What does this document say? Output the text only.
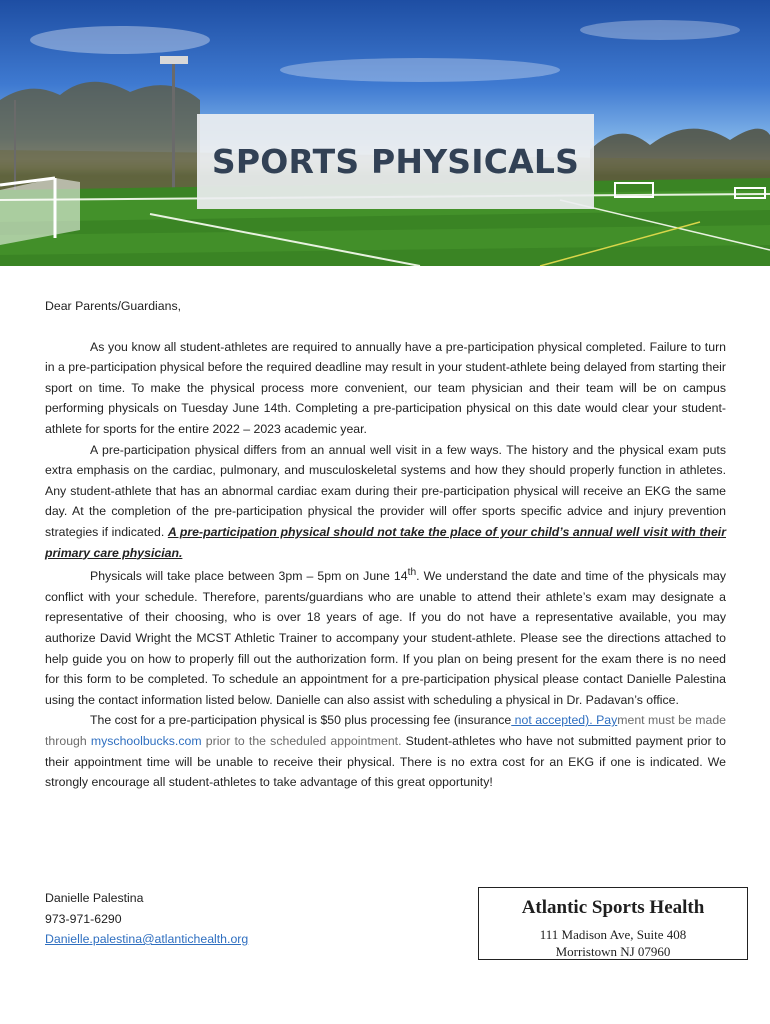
SPORTS PHYSICALS

Dear Parents/Guardians,

As you know all student-athletes are required to annually have a pre-participation physical completed. Failure to turn in a pre-participation physical before the required deadline may result in your student-athlete being delayed from starting their sport on time. To make the physical process more convenient, our team physician and their team will be on campus performing physicals on Tuesday June 14th. Completing a pre-participation physical on this date would clear your student-athlete for sports for the entire 2022 – 2023 academic year.

A pre-participation physical differs from an annual well visit in a few ways. The history and the physical exam puts extra emphasis on the cardiac, pulmonary, and musculoskeletal systems and how they should properly function in athletes. Any student-athlete that has an abnormal cardiac exam during their pre-participation physical will receive an EKG the same day. At the completion of the pre-participation physical the provider will offer sports specific advice and injury prevention strategies if indicated. A pre-participation physical should not take the place of your child’s annual well visit with their primary care physician.

Physicals will take place between 3pm – 5pm on June 14th. We understand the date and time of the physicals may conflict with your schedule. Therefore, parents/guardians who are unable to attend their athlete’s exam may designate a representative of their choosing, who is over 18 years of age. If you do not have a representative available, you may authorize David Wright the MCST Athletic Trainer to accompany your student-athlete. Please see the directions attached to help guide you on how to properly fill out the authorization form. If you plan on being present for the exam there is no need for this form to be completed. To schedule an appointment for a pre-participation physical please contact Danielle Palestina using the contact information listed below. Danielle can also assist with scheduling a physical in Dr. Padavan’s office.

The cost for a pre-participation physical is $50 plus processing fee (insurance not accepted). Payment must be made through myschoolbucks.com prior to the scheduled appointment. Student-athletes who have not submitted payment prior to their appointment time will be unable to receive their physical. There is no extra cost for an EKG if one is indicated. We strongly encourage all student-athletes to take advantage of this great opportunity!

Danielle Palestina
973-971-6290
Danielle.palestina@atlantichealth.org
Atlantic Sports Health
111 Madison Ave, Suite 408
Morristown NJ 07960
